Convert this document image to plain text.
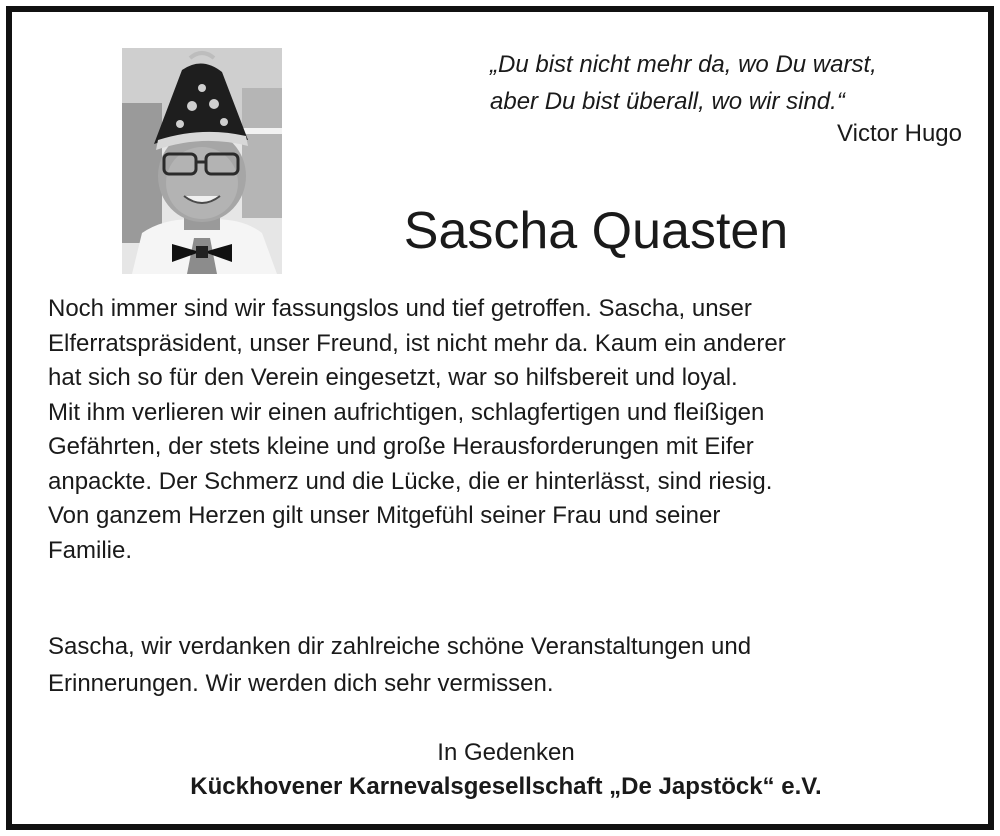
„Du bist nicht mehr da, wo Du warst,
aber Du bist überall, wo wir sind.“
Victor Hugo
Sascha Quasten
Noch immer sind wir fassungslos und tief getroffen. Sascha, unser
Elferratspräsident, unser Freund, ist nicht mehr da. Kaum ein anderer
hat sich so für den Verein eingesetzt, war so hilfsbereit und loyal.
Mit ihm verlieren wir einen aufrichtigen, schlagfertigen und fleißigen
Gefährten, der stets kleine und große Herausforderungen mit Eifer
anpackte. Der Schmerz und die Lücke, die er hinterlässt, sind riesig.
Von ganzem Herzen gilt unser Mitgefühl seiner Frau und seiner
Familie.
Sascha, wir verdanken dir zahlreiche schöne Veranstaltungen und
Erinnerungen. Wir werden dich sehr vermissen.
In Gedenken
Kückhovener Karnevalsgesellschaft „De Japstöck“ e.V.
